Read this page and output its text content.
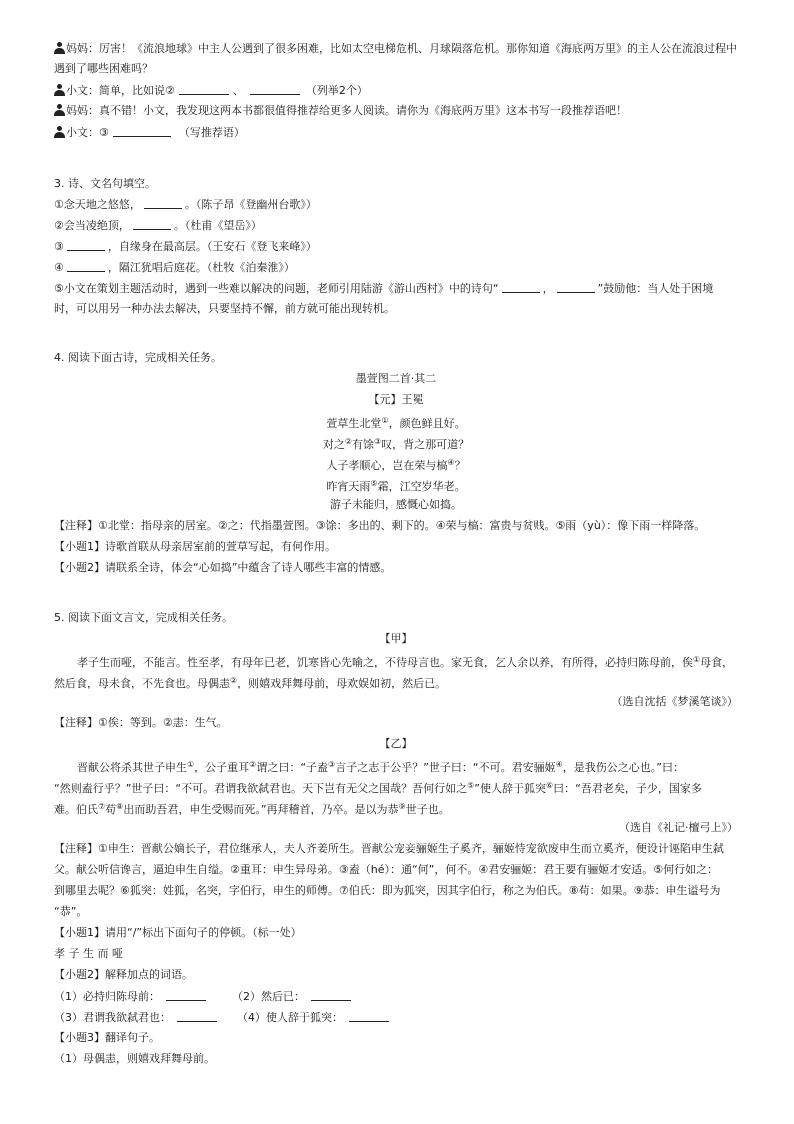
妈妈：厉害！《流浪地球》中主人公遇到了很多困难，比如太空电梯危机、月球陨落危机。那你知道《海底两万里》的主人公在流浪过程中
遇到了哪些困难吗？
小文：简单，比如说②	、	（列举2个）
妈妈：真不错！小文，我发现这两本书都很值得推荐给更多人阅读。请你为《海底两万里》这本书写一段推荐语吧！
小文：③	（写推荐语）
3. 诗、文名句填空。
①念天地之悠悠，	。（陈子昂《登幽州台歌》）
②会当凌绝顶，	。（杜甫《望岳》）
③	，自缘身在最高层。（王安石《登飞来峰》）
④	，隔江犹唱后庭花。（杜牧《泊秦淮》）
⑤小文在策划主题活动时，遇到一些难以解决的问题，老师引用陆游《游山西村》中的诗句“	，	”鼓励他：当人处于困境
时，可以用另一种办法去解决，只要坚持不懈，前方就可能出现转机。
4. 阅读下面古诗，完成相关任务。
墨萱图二首·其二
【元】王冕
萱草生北堂①，颜色鲜且好。
对之②有馀③叹，背之那可道？
人子孝顺心，岂在荣与槁④？
昨宵天雨⑤霜，江空岁华老。
游子未能归，感慨心如捣。
【注释】①北堂：指母亲的居室。②之：代指墨萱图。③馀：多出的、剩下的。④荣与槁：富贵与贫贱。⑤雨（yù）：像下雨一样降落。
【小题1】诗歌首联从母亲居室前的萱草写起，有何作用。
【小题2】请联系全诗，体会“心如捣”中蕴含了诗人哪些丰富的情感。
5. 阅读下面文言文，完成相关任务。
【甲】
孝子生而哑，不能言。性至孝，有母年已老，饥寒皆心先喻之，不待母言也。家无食，乞人余以养，有所得，必持归陈母前，俟①母食，
然后食，母未食，不先食也。母偶恚②，则嬉戏拜舞母前，母欢娱如初，然后已。
（选自沈括《梦溪笔谈》）
【注释】①俟：等到。②恚：生气。
【乙】
晋献公将杀其世子申生①，公子重耳②谓之曰：“子盍③言子之志于公乎？”世子曰：“不可。君安骊姬④，是我伤公之心也。”曰：
“然则盍行乎？”世子曰：“不可。君谓我欲弑君也。天下岂有无父之国哉？吾何行如之⑤”使人辞于狐突⑥曰：“吾君老矣，子少，国家多
难。伯氏⑦苟⑧出而助吾君，申生受赐而死。”再拜稽首，乃卒。是以为恭⑨世子也。
（选自《礼记·檀弓上》）
【注释】①申生：晋献公嫡长子，君位继承人，夫人齐姜所生。晋献公宠妾骊姬生子奚齐，骊姬恃宠欲废申生而立奚齐，便设计诬陷申生弑
父。献公听信谗言，逼迫申生自缢。②重耳：申生异母弟。③盍（hé）：通“何”，何不。④君安骊姬：君王要有骊姬才安适。⑤何行如之：
到哪里去呢？⑥狐突：姓狐，名突，字伯行，申生的师傅。⑦伯氏：即为狐突，因其字伯行，称之为伯氏。⑧苟：如果。⑨恭：申生谥号为
“恭”。
【小题1】请用“/”标出下面句子的停顿。（标一处）
孝 子 生 而 哑
【小题2】解释加点的词语。
（1）必持归陈母前：	（2）然后已：
（3）君谓我欲弑君也：	（4）使人辞于狐突：
【小题3】翻译句子。
（1）母偶恚，则嬉戏拜舞母前。
